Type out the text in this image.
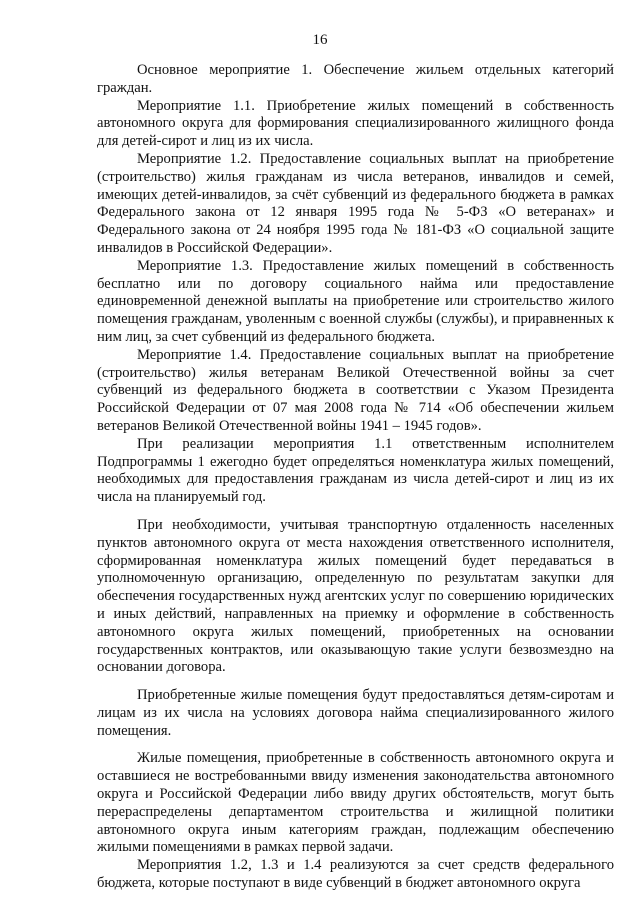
16

Основное мероприятие 1. Обеспечение жильем отдельных категорий граждан.

Мероприятие 1.1. Приобретение жилых помещений в собственность автономного округа для формирования специализированного жилищного фонда для детей-сирот и лиц из их числа.

Мероприятие 1.2. Предоставление социальных выплат на приобретение (строительство) жилья гражданам из числа ветеранов, инвалидов и семей, имеющих детей-инвалидов, за счёт субвенций из федерального бюджета в рамках Федерального закона от 12 января 1995 года № 5-ФЗ «О ветеранах» и Федерального закона от 24 ноября 1995 года № 181-ФЗ «О социальной защите инвалидов в Российской Федерации».

Мероприятие 1.3. Предоставление жилых помещений в собственность бесплатно или по договору социального найма или предоставление единовременной денежной выплаты на приобретение или строительство жилого помещения гражданам, уволенным с военной службы (службы), и приравненных к ним лиц, за счет субвенций из федерального бюджета.

Мероприятие 1.4. Предоставление социальных выплат на приобретение (строительство) жилья ветеранам Великой Отечественной войны за счет субвенций из федерального бюджета в соответствии с Указом Президента Российской Федерации от 07 мая 2008 года № 714 «Об обеспечении жильем ветеранов Великой Отечественной войны 1941 – 1945 годов».

При реализации мероприятия 1.1 ответственным исполнителем Подпрограммы 1 ежегодно будет определяться номенклатура жилых помещений, необходимых для предоставления гражданам из числа детей-сирот и лиц из их числа на планируемый год.

При необходимости, учитывая транспортную отдаленность населенных пунктов автономного округа от места нахождения ответственного исполнителя, сформированная номенклатура жилых помещений будет передаваться в уполномоченную организацию, определенную по результатам закупки для обеспечения государственных нужд агентских услуг по совершению юридических и иных действий, направленных на приемку и оформление в собственность автономного округа жилых помещений, приобретенных на основании государственных контрактов, или оказывающую такие услуги безвозмездно на основании договора.

Приобретенные жилые помещения будут предоставляться детям-сиротам и лицам из их числа на условиях договора найма специализированного жилого помещения.

Жилые помещения, приобретенные в собственность автономного округа и оставшиеся не востребованными ввиду изменения законодательства автономного округа и Российской Федерации либо ввиду других обстоятельств, могут быть перераспределены департаментом строительства и жилищной политики автономного округа иным категориям граждан, подлежащим обеспечению жилыми помещениями в рамках первой задачи.

Мероприятия 1.2, 1.3 и 1.4 реализуются за счет средств федерального бюджета, которые поступают в виде субвенций в бюджет автономного округа
